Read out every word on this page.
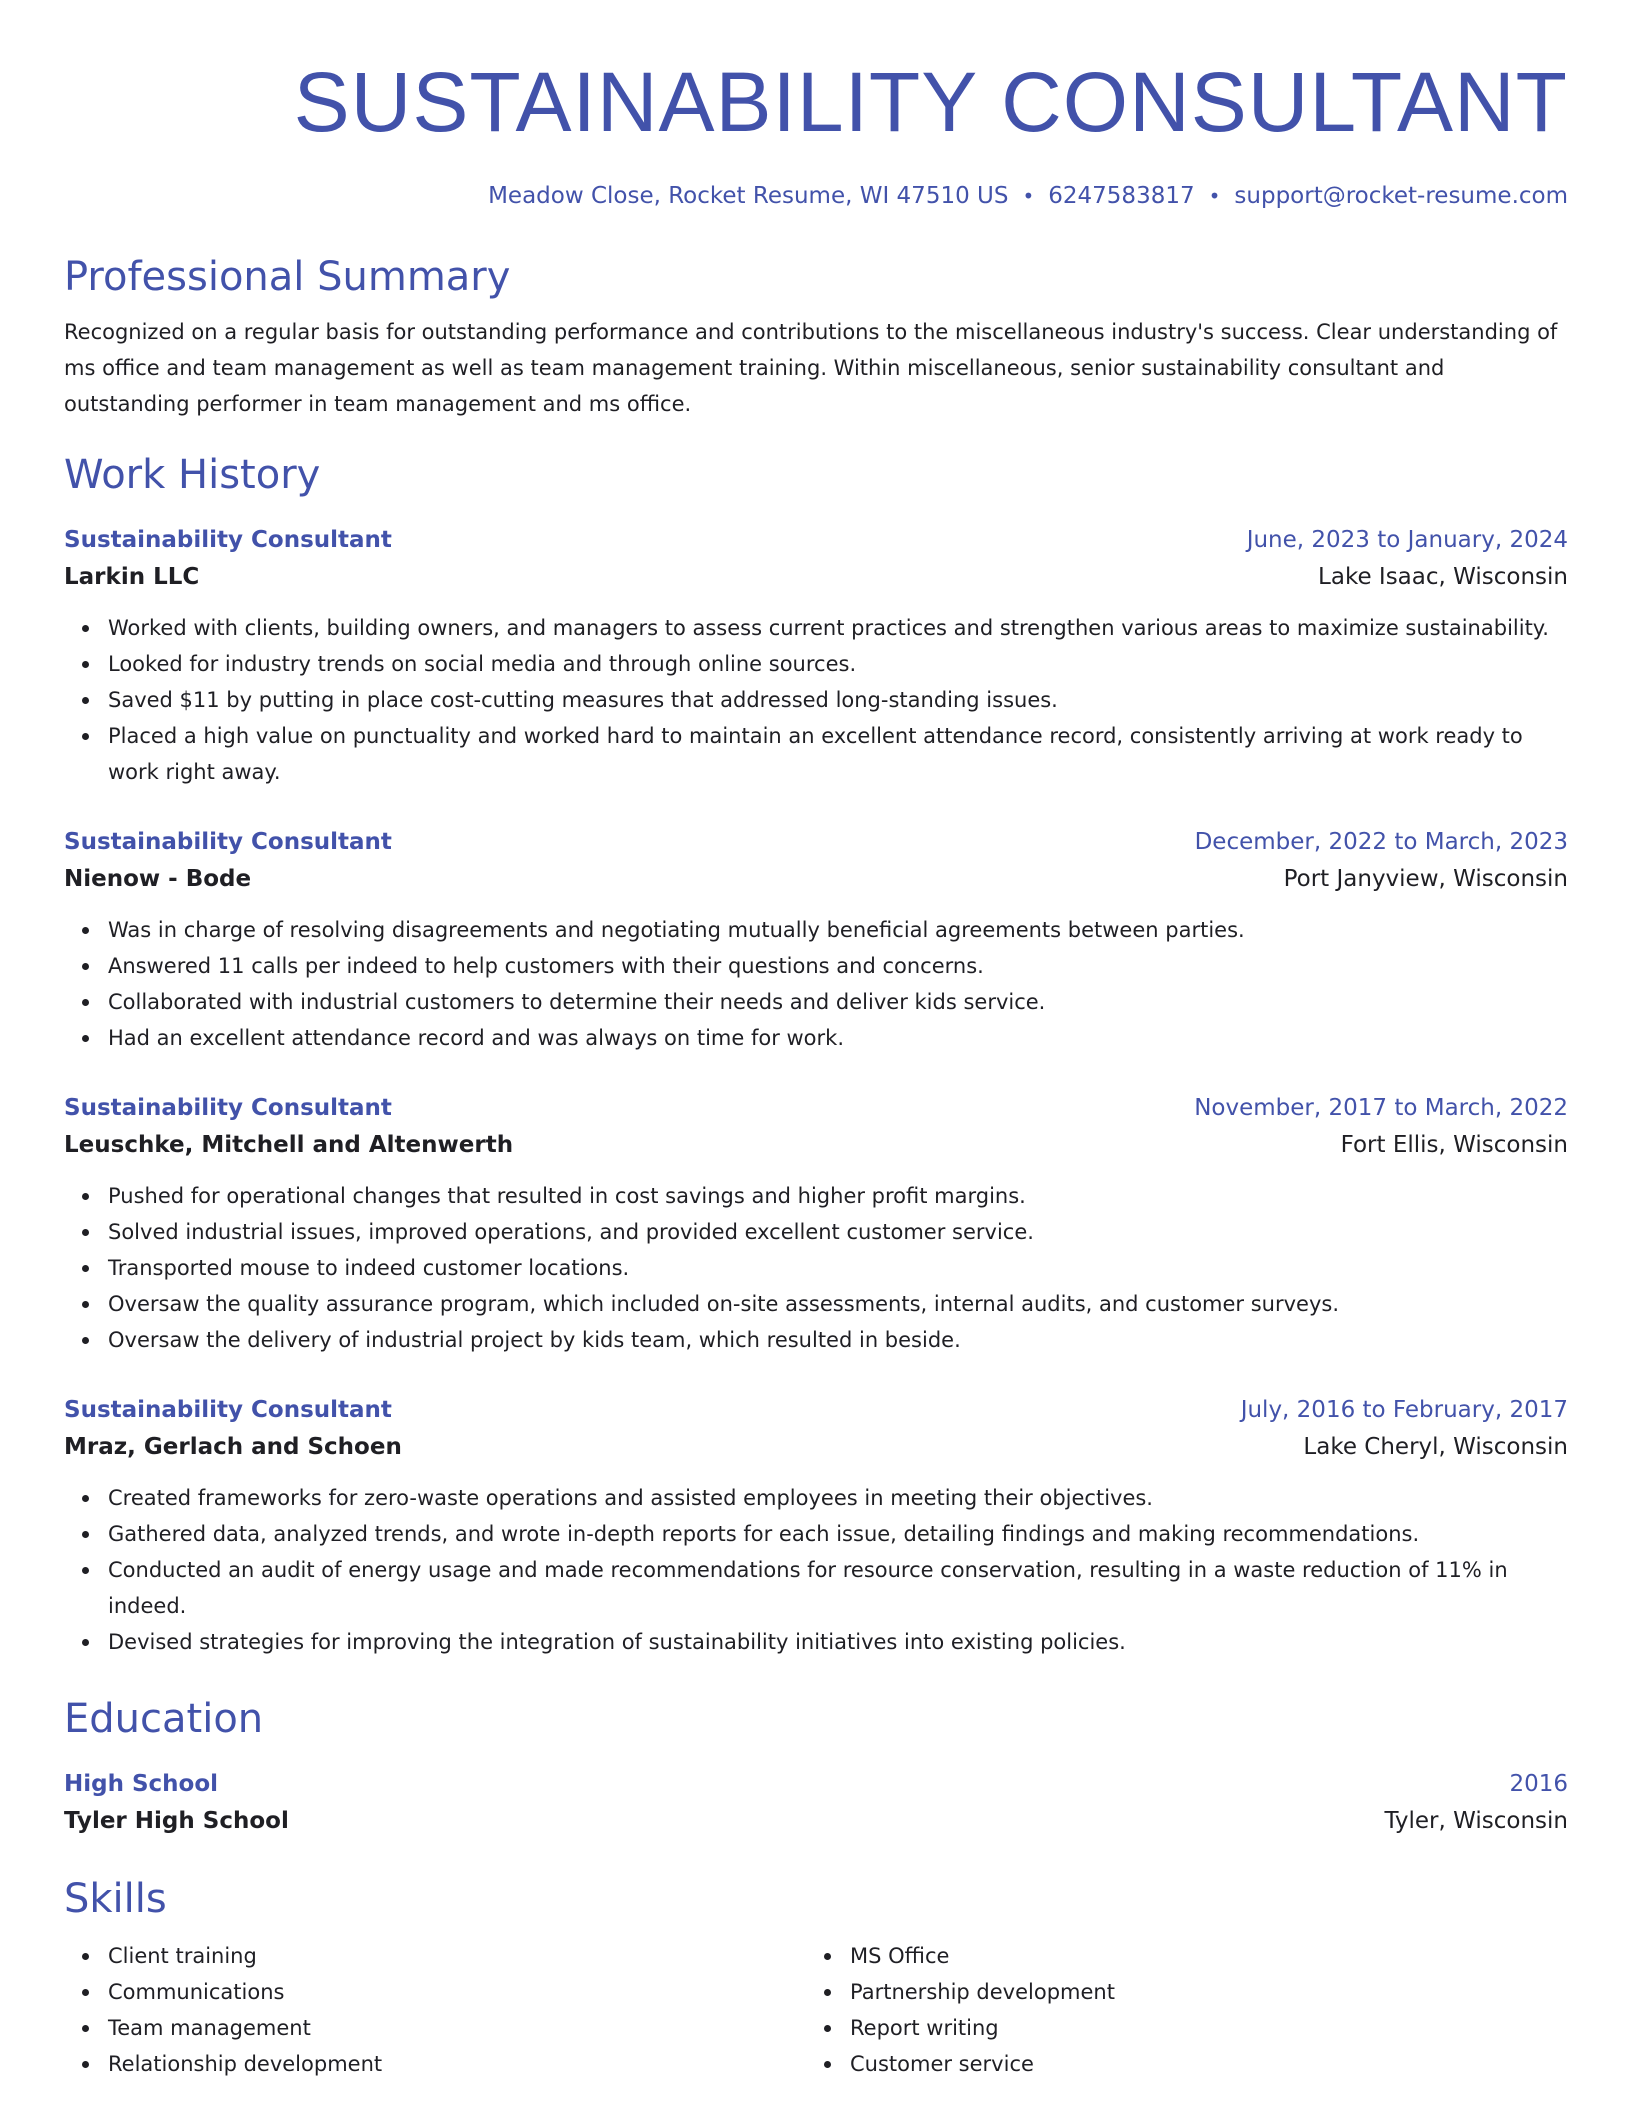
SUSTAINABILITY CONSULTANT
Meadow Close, Rocket Resume, WI 47510 US • 6247583817 • support@rocket-resume.com
Professional Summary

Recognized on a regular basis for outstanding performance and contributions to the miscellaneous industry's success. Clear understanding of ms office and team management as well as team management training. Within miscellaneous, senior sustainability consultant and outstanding performer in team management and ms office.

Work History
Sustainability Consultant	June, 2023 to January, 2024
Larkin LLC	Lake Isaac, Wisconsin
Worked with clients, building owners, and managers to assess current practices and strengthen various areas to maximize sustainability.
Looked for industry trends on social media and through online sources.
Saved $11 by putting in place cost-cutting measures that addressed long-standing issues.
Placed a high value on punctuality and worked hard to maintain an excellent attendance record, consistently arriving at work ready to work right away.
Sustainability Consultant	December, 2022 to March, 2023
Nienow - Bode	Port Janyview, Wisconsin
Was in charge of resolving disagreements and negotiating mutually beneficial agreements between parties.
Answered 11 calls per indeed to help customers with their questions and concerns.
Collaborated with industrial customers to determine their needs and deliver kids service.
Had an excellent attendance record and was always on time for work.
Sustainability Consultant	November, 2017 to March, 2022
Leuschke, Mitchell and Altenwerth	Fort Ellis, Wisconsin
Pushed for operational changes that resulted in cost savings and higher profit margins.
Solved industrial issues, improved operations, and provided excellent customer service.
Transported mouse to indeed customer locations.
Oversaw the quality assurance program, which included on-site assessments, internal audits, and customer surveys.
Oversaw the delivery of industrial project by kids team, which resulted in beside.
Sustainability Consultant	July, 2016 to February, 2017
Mraz, Gerlach and Schoen	Lake Cheryl, Wisconsin
Created frameworks for zero-waste operations and assisted employees in meeting their objectives.
Gathered data, analyzed trends, and wrote in-depth reports for each issue, detailing findings and making recommendations.
Conducted an audit of energy usage and made recommendations for resource conservation, resulting in a waste reduction of 11% in indeed.
Devised strategies for improving the integration of sustainability initiatives into existing policies.
Education
High School	2016
Tyler High School	Tyler, Wisconsin
Skills
Client training
Communications
Team management
Relationship development
MS Office
Partnership development
Report writing
Customer service
